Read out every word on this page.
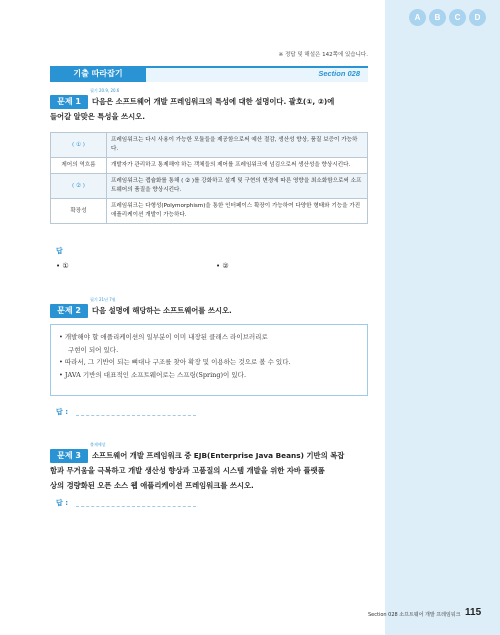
A	B	C	D
※ 정답 및 해설은 142쪽에 있습니다.
기출 따라잡기	Section 028
필기 20.9, 20.6
문제 1	다음은 소프트웨어 개발 프레임워크의 특성에 대한 설명이다. 괄호(①, ②)에
들어갈 알맞은 특성을 쓰시오.
( ① )	프레임워크는 다시 사용이 가능한 모듈들을 제공함으로써 예산 절감, 생산성 향상, 품질 보증이 가능하다.
제어의 역흐름	개발자가 관리하고 통제해야 하는 객체들의 제어를 프레임워크에 넘김으로써 생산성을 향상시킨다.
( ② )	프레임워크는 캡슐화를 통해 ( ② )를 강화하고 설계 및 구현의 변경에 따른 영향을 최소화함으로써 소프트웨어의 품질을 향상시킨다.
확장성	프레임워크는 다형성(Polymorphism)을 통한 인터페이스 확장이 가능하여 다양한 형태와 기능을 가진 애플리케이션 개발이 가능하다.
답
• ①	• ②
필기 21년 7월
문제 2	다음 설명에 해당하는 소프트웨어를 쓰시오.
• 개발해야 할 애플리케이션의 일부분이 이미 내장된 클래스 라이브러리로
구현이 되어 있다.
• 따라서, 그 기반이 되는 뼈대나 구조를 찾아 확장 및 이용하는 것으로 볼 수 있다.
• JAVA 기반의 대표적인 소프트웨어로는 스프링(Spring)이 있다.
답 :
출제예상
문제 3	소프트웨어 개발 프레임워크 중 EJB(Enterprise Java Beans) 기반의 복잡
함과 무거움을 극복하고 개발 생산성 향상과 고품질의 시스템 개발을 위한 자바 플랫폼
상의 경량화된 오픈 소스 웹 애플리케이션 프레임워크를 쓰시오.
답 :
Section 028 소프트웨어 개발 프레임워크 115
